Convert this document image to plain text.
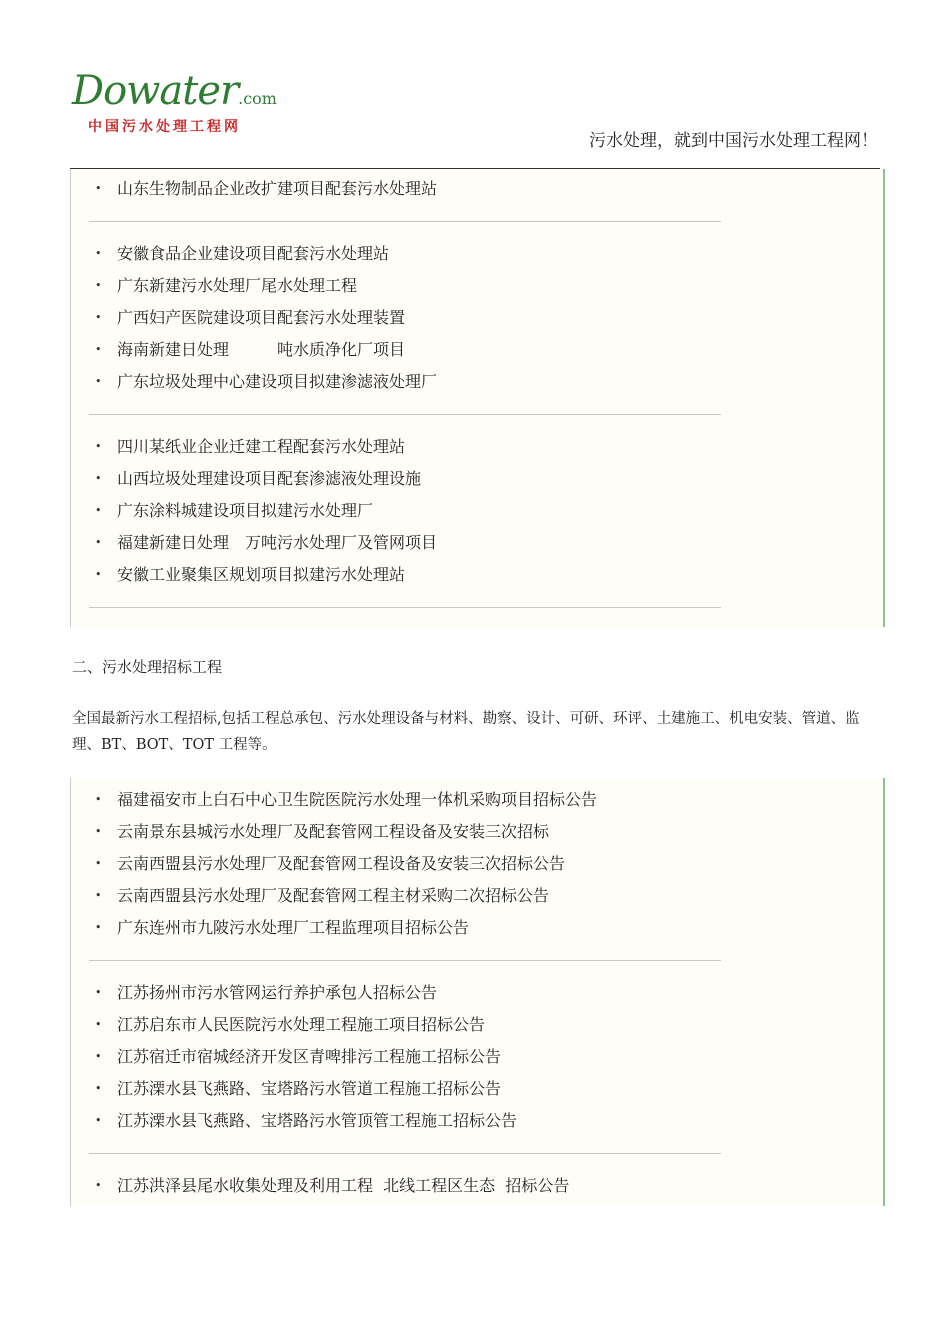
Dowater.com
中国污水处理工程网
污水处理，就到中国污水处理工程网！
• 山东生物制品企业改扩建项目配套污水处理站
• 安徽食品企业建设项目配套污水处理站
• 广东新建污水处理厂尾水处理工程
• 广西妇产医院建设项目配套污水处理装置
• 海南新建日处理　　　吨水质净化厂项目
• 广东垃圾处理中心建设项目拟建渗滤液处理厂
• 四川某纸业企业迁建工程配套污水处理站
• 山西垃圾处理建设项目配套渗滤液处理设施
• 广东涂料城建设项目拟建污水处理厂
• 福建新建日处理　万吨污水处理厂及管网项目
• 安徽工业聚集区规划项目拟建污水处理站
二、污水处理招标工程
全国最新污水工程招标,包括工程总承包、污水处理设备与材料、勘察、设计、可研、环评、土建施工、机电安装、管道、监理、BT、BOT、TOT 工程等。
• 福建福安市上白石中心卫生院医院污水处理一体机采购项目招标公告
• 云南景东县城污水处理厂及配套管网工程设备及安装三次招标
• 云南西盟县污水处理厂及配套管网工程设备及安装三次招标公告
• 云南西盟县污水处理厂及配套管网工程主材采购二次招标公告
• 广东连州市九陂污水处理厂工程监理项目招标公告
• 江苏扬州市污水管网运行养护承包人招标公告
• 江苏启东市人民医院污水处理工程施工项目招标公告
• 江苏宿迁市宿城经济开发区青啤排污工程施工招标公告
• 江苏溧水县飞燕路、宝塔路污水管道工程施工招标公告
• 江苏溧水县飞燕路、宝塔路污水管顶管工程施工招标公告
• 江苏洪泽县尾水收集处理及利用工程  北线工程区生态  招标公告
